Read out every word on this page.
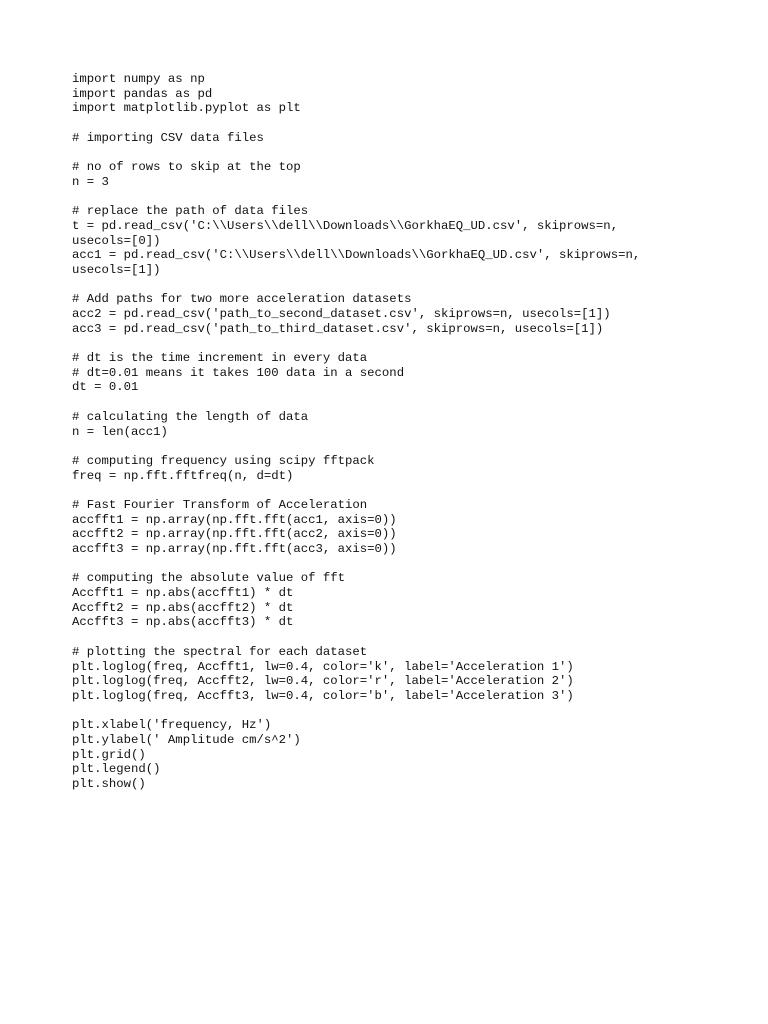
import numpy as np
import pandas as pd
import matplotlib.pyplot as plt
# importing CSV data files
# no of rows to skip at the top
n = 3
# replace the path of data files
t = pd.read_csv('C:\\Users\\dell\\Downloads\\GorkhaEQ_UD.csv', skiprows=n,
usecols=[0])
acc1 = pd.read_csv('C:\\Users\\dell\\Downloads\\GorkhaEQ_UD.csv', skiprows=n,
usecols=[1])
# Add paths for two more acceleration datasets
acc2 = pd.read_csv('path_to_second_dataset.csv', skiprows=n, usecols=[1])
acc3 = pd.read_csv('path_to_third_dataset.csv', skiprows=n, usecols=[1])
# dt is the time increment in every data
# dt=0.01 means it takes 100 data in a second
dt = 0.01
# calculating the length of data
n = len(acc1)
# computing frequency using scipy fftpack
freq = np.fft.fftfreq(n, d=dt)
# Fast Fourier Transform of Acceleration
accfft1 = np.array(np.fft.fft(acc1, axis=0))
accfft2 = np.array(np.fft.fft(acc2, axis=0))
accfft3 = np.array(np.fft.fft(acc3, axis=0))
# computing the absolute value of fft
Accfft1 = np.abs(accfft1) * dt
Accfft2 = np.abs(accfft2) * dt
Accfft3 = np.abs(accfft3) * dt
# plotting the spectral for each dataset
plt.loglog(freq, Accfft1, lw=0.4, color='k', label='Acceleration 1')
plt.loglog(freq, Accfft2, lw=0.4, color='r', label='Acceleration 2')
plt.loglog(freq, Accfft3, lw=0.4, color='b', label='Acceleration 3')
plt.xlabel('frequency, Hz')
plt.ylabel(' Amplitude cm/s^2')
plt.grid()
plt.legend()
plt.show()
